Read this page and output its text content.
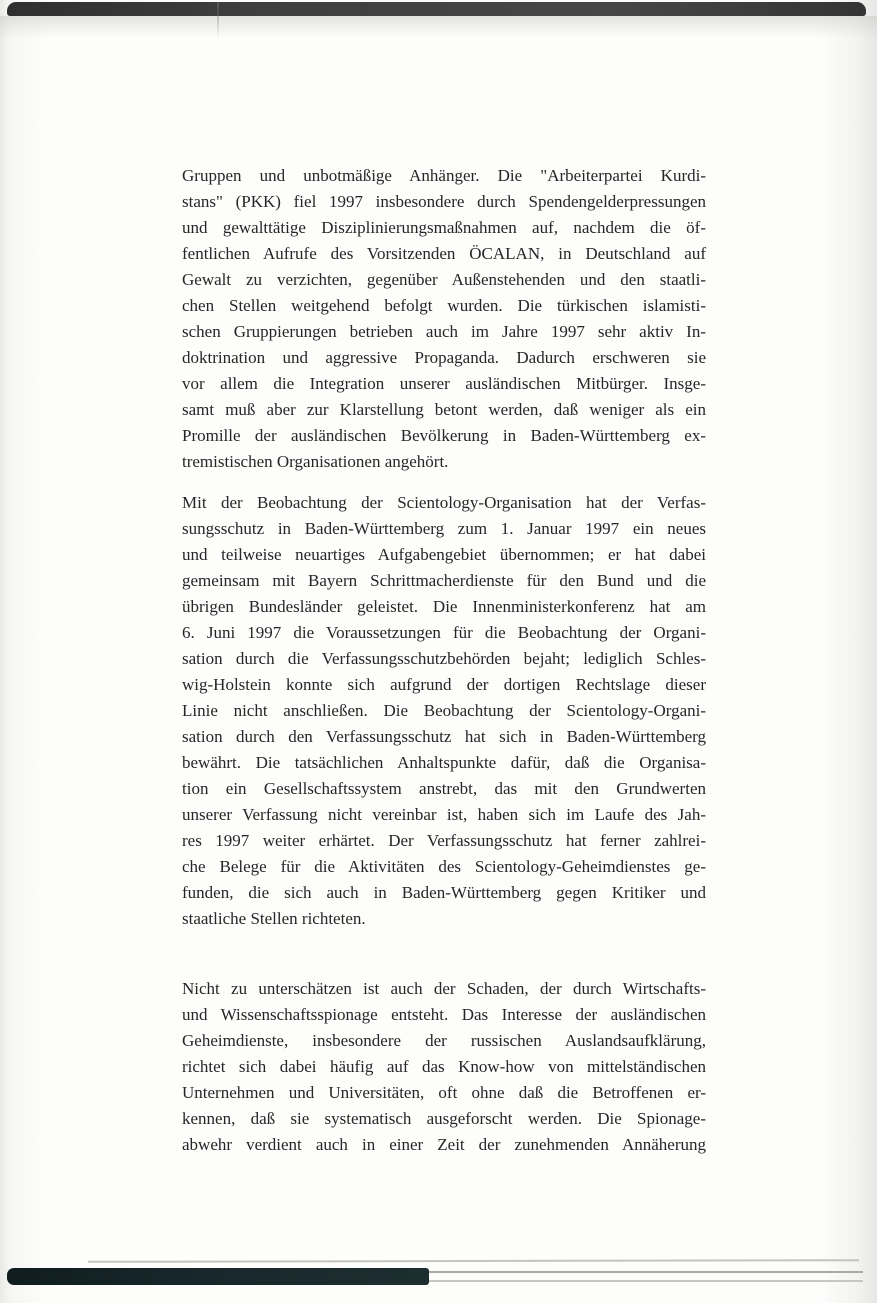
Gruppen und unbotmäßige Anhänger. Die "Arbeiterpartei Kurdi-
stans" (PKK) fiel 1997 insbesondere durch Spendengelderpressungen
und gewalttätige Disziplinierungsmaßnahmen auf, nachdem die öf-
fentlichen Aufrufe des Vorsitzenden ÖCALAN, in Deutschland auf
Gewalt zu verzichten, gegenüber Außenstehenden und den staatli-
chen Stellen weitgehend befolgt wurden. Die türkischen islamisti-
schen Gruppierungen betrieben auch im Jahre 1997 sehr aktiv In-
doktrination und aggressive Propaganda. Dadurch erschweren sie
vor allem die Integration unserer ausländischen Mitbürger. Insge-
samt muß aber zur Klarstellung betont werden, daß weniger als ein
Promille der ausländischen Bevölkerung in Baden-Württemberg ex-
tremistischen Organisationen angehört.
Mit der Beobachtung der Scientology-Organisation hat der Verfas-
sungsschutz in Baden-Württemberg zum 1. Januar 1997 ein neues
und teilweise neuartiges Aufgabengebiet übernommen; er hat dabei
gemeinsam mit Bayern Schrittmacherdienste für den Bund und die
übrigen Bundesländer geleistet. Die Innenministerkonferenz hat am
6. Juni 1997 die Voraussetzungen für die Beobachtung der Organi-
sation durch die Verfassungsschutzbehörden bejaht; lediglich Schles-
wig-Holstein konnte sich aufgrund der dortigen Rechtslage dieser
Linie nicht anschließen. Die Beobachtung der Scientology-Organi-
sation durch den Verfassungsschutz hat sich in Baden-Württemberg
bewährt. Die tatsächlichen Anhaltspunkte dafür, daß die Organisa-
tion ein Gesellschaftssystem anstrebt, das mit den Grundwerten
unserer Verfassung nicht vereinbar ist, haben sich im Laufe des Jah-
res 1997 weiter erhärtet. Der Verfassungsschutz hat ferner zahlrei-
che Belege für die Aktivitäten des Scientology-Geheimdienstes ge-
funden, die sich auch in Baden-Württemberg gegen Kritiker und
staatliche Stellen richteten.
Nicht zu unterschätzen ist auch der Schaden, der durch Wirtschafts-
und Wissenschaftsspionage entsteht. Das Interesse der ausländischen
Geheimdienste, insbesondere der russischen Auslandsaufklärung,
richtet sich dabei häufig auf das Know-how von mittelständischen
Unternehmen und Universitäten, oft ohne daß die Betroffenen er-
kennen, daß sie systematisch ausgeforscht werden. Die Spionage-
abwehr verdient auch in einer Zeit der zunehmenden Annäherung
